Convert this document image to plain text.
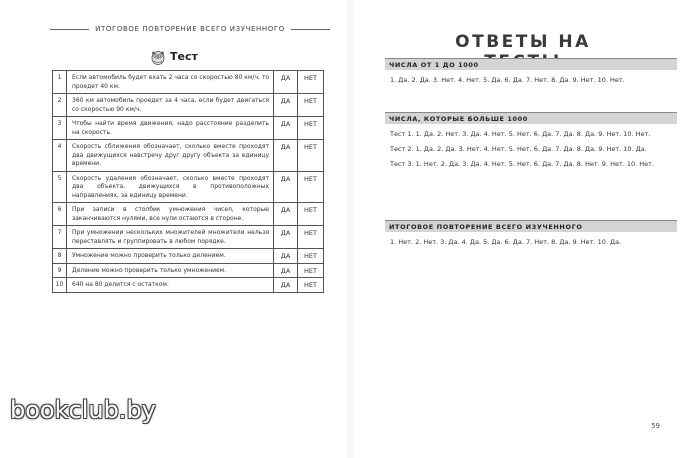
ИТОГОВОЕ ПОВТОРЕНИЕ ВСЕГО ИЗУЧЕННОГО
Тест
1	Если автомобиль будет ехать 2 часа со скоростью 80 км/ч, то проедет 40 км.	ДА	НЕТ
2	360 км автомобиль проедет за 4 часа, если будет двигаться со скоростью 90 км/ч.	ДА	НЕТ
3	Чтобы найти время движения, надо расстояние разделить на скорость.	ДА	НЕТ
4	Скорость сближения обозначает, сколько вместе проходят два движущихся навстречу друг другу объекта за единицу времени.	ДА	НЕТ
5	Скорость удаления обозначает, сколько вместе проходят два объекта, движущихся в противоположных направлениях, за единицу времени.	ДА	НЕТ
6	При записи в столбик умножения чисел, которые заканчиваются нулями, все нули остаются в стороне.	ДА	НЕТ
7	При умножении нескольких множителей множители нельзя переставлять и группировать в любом порядке.	ДА	НЕТ
8	Умножение можно проверить только делением.	ДА	НЕТ
9	Деление можно проверить только умножением.	ДА	НЕТ
10	640 на 80 делится с остатком.	ДА	НЕТ
ОТВЕТЫ НА
ЧИСЛА ОТ 1 ДО 1000
1. Да. 2. Да. 3. Нет. 4. Нет. 5. Да. 6. Да. 7. Нет. 8. Да. 9. Нет. 10. Нет.
ЧИСЛА, КОТОРЫЕ БОЛЬШЕ 1000
Тест 1. 1. Да. 2. Нет. 3. Да. 4. Нет. 5. Нет. 6. Да. 7. Да. 8. Да. 9. Нет. 10. Нет.
Тест 2. 1. Да. 2. Да. 3. Нет. 4. Нет. 5. Нет. 6. Да. 7. Да. 8. Да. 9. Нет. 10. Да.
Тест 3. 1. Нет. 2. Да. 3. Да. 4. Нет. 5. Нет. 6. Да. 7. Да. 8. Нет. 9. Нет. 10. Нет.
ИТОГОВОЕ ПОВТОРЕНИЕ ВСЕГО ИЗУЧЕННОГО
1. Нет. 2. Нет. 3. Да. 4. Да. 5. Да. 6. Да. 7. Нет. 8. Да. 9. Нет. 10. Да.
59
bookclub.by
